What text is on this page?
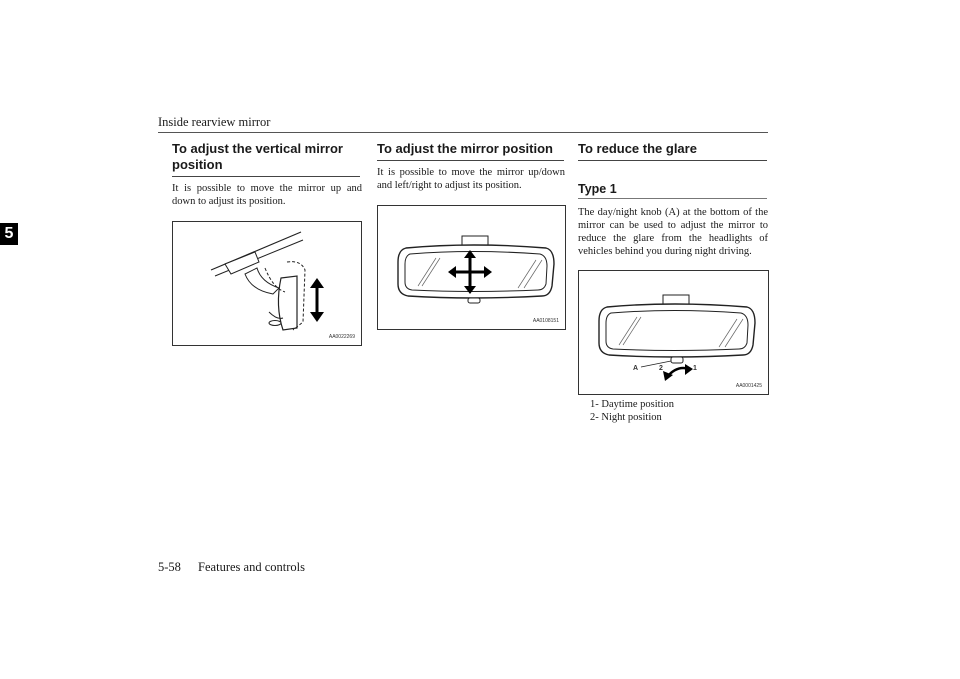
Inside rearview mirror
5
To adjust the vertical mirror position
It is possible to move the mirror up and down to adjust its position.
AA0022269
To adjust the mirror position
It is possible to move the mirror up/down and left/right to adjust its position.
AA0108151
To reduce the glare
Type 1
The day/night knob (A) at the bottom of the mirror can be used to adjust the mirror to reduce the glare from the headlights of vehicles behind you during night driving.
A	2	1
AA0001425
1- Daytime position
2- Night position
5-58 Features and controls
